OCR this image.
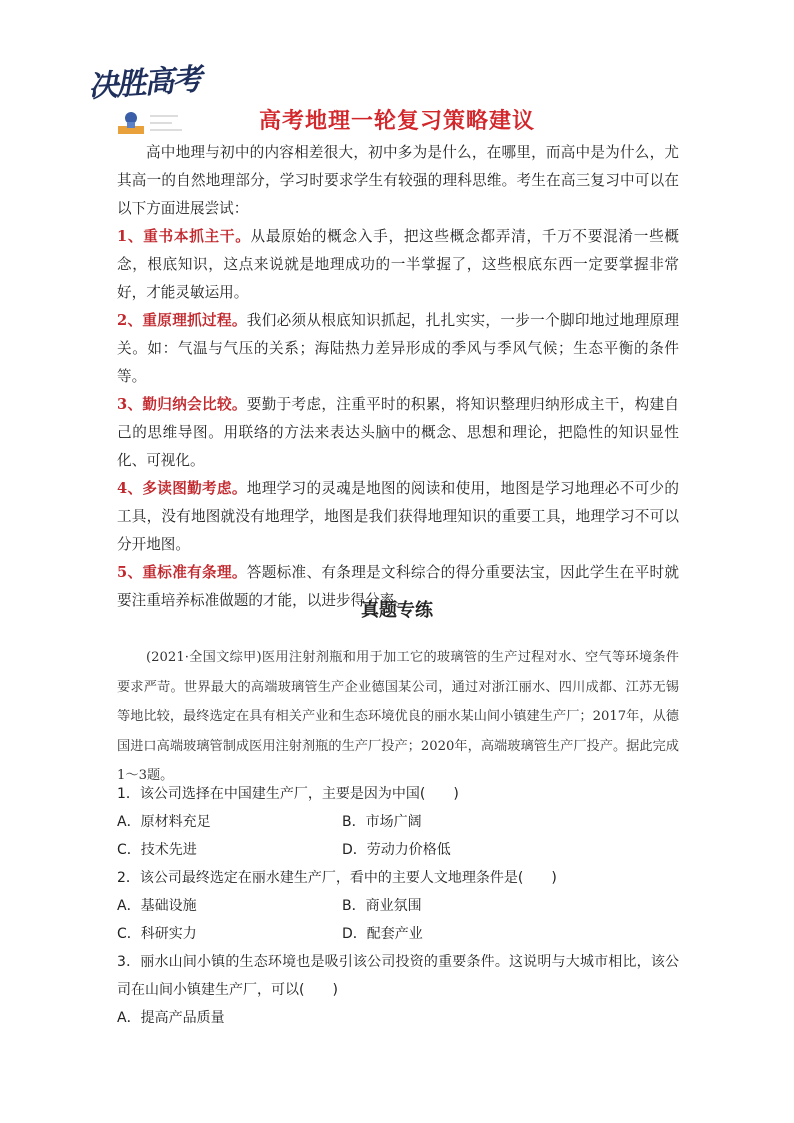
决胜高考
高考地理一轮复习策略建议

高中地理与初中的内容相差很大，初中多为是什么，在哪里，而高中是为什么，尤其高一的自然地理部分，学习时要求学生有较强的理科思维。考生在高三复习中可以在以下方面进展尝试：

1、重书本抓主干。从最原始的概念入手，把这些概念都弄清，千万不要混淆一些概念，根底知识，这点来说就是地理成功的一半掌握了，这些根底东西一定要掌握非常好，才能灵敏运用。

2、重原理抓过程。我们必须从根底知识抓起，扎扎实实，一步一个脚印地过地理原理关。如：气温与气压的关系；海陆热力差异形成的季风与季风气候；生态平衡的条件等。

3、勤归纳会比较。要勤于考虑，注重平时的积累，将知识整理归纳形成主干，构建自己的思维导图。用联络的方法来表达头脑中的概念、思想和理论，把隐性的知识显性化、可视化。

4、多读图勤考虑。地理学习的灵魂是地图的阅读和使用，地图是学习地理必不可少的工具，没有地图就没有地理学，地图是我们获得地理知识的重要工具，地理学习不可以分开地图。

5、重标准有条理。答题标准、有条理是文科综合的得分重要法宝，因此学生在平时就要注重培养标准做题的才能，以进步得分率。

真题专练

(2021·全国文综甲)医用注射剂瓶和用于加工它的玻璃管的生产过程对水、空气等环境条件要求严苛。世界最大的高端玻璃管生产企业德国某公司，通过对浙江丽水、四川成都、江苏无锡等地比较，最终选定在具有相关产业和生态环境优良的丽水某山间小镇建生产厂；2017年，从德国进口高端玻璃管制成医用注射剂瓶的生产厂投产；2020年，高端玻璃管生产厂投产。据此完成1～3题。

1．该公司选择在中国建生产厂，主要是因为中国(　　)
A．原材料充足	B．市场广阔
C．技术先进	D．劳动力价格低
2．该公司最终选定在丽水建生产厂，看中的主要人文地理条件是(　　)
A．基础设施	B．商业氛围
C．科研实力	D．配套产业
3．丽水山间小镇的生态环境也是吸引该公司投资的重要条件。这说明与大城市相比，该公司在山间小镇建生产厂，可以(　　)
A．提高产品质量
